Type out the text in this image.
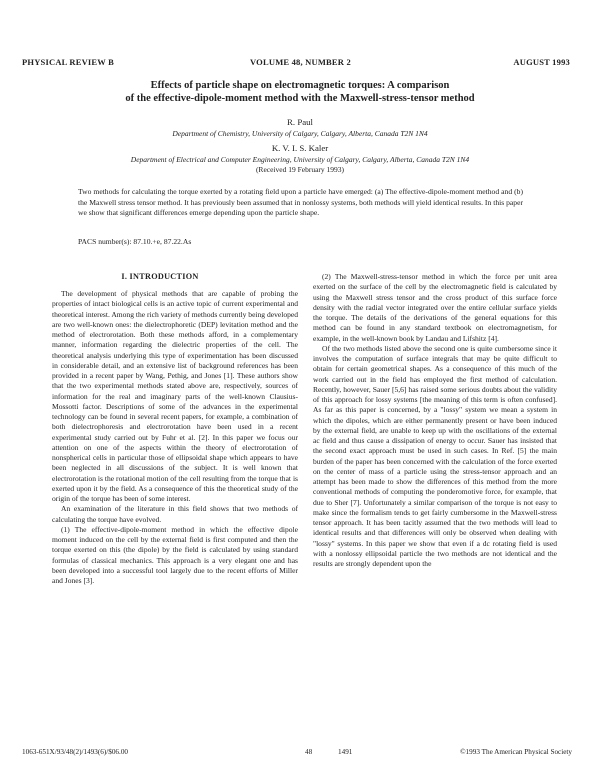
PHYSICAL REVIEW B	VOLUME 48, NUMBER 2	AUGUST 1993
Effects of particle shape on electromagnetic torques: A comparison
of the effective-dipole-moment method with the Maxwell-stress-tensor method
R. Paul
Department of Chemistry, University of Calgary, Calgary, Alberta, Canada T2N 1N4
K. V. I. S. Kaler
Department of Electrical and Computer Engineering, University of Calgary, Calgary, Alberta, Canada T2N 1N4
(Received 19 February 1993)
Two methods for calculating the torque exerted by a rotating field upon a particle have emerged: (a) The effective-dipole-moment method and (b) the Maxwell stress tensor method. It has previously been assumed that in nonlossy systems, both methods will yield identical results. In this paper we show that significant differences emerge depending upon the particle shape.
PACS number(s): 87.10.+e, 87.22.As
I. INTRODUCTION

The development of physical methods that are capable of probing the properties of intact biological cells is an active topic of current experimental and theoretical interest. Among the rich variety of methods currently being developed are two well-known ones: the dielectrophoretic (DEP) levitation method and the method of electrorotation. Both these methods afford, in a complementary manner, information regarding the dielectric properties of the cell. The theoretical analysis underlying this type of experimentation has been discussed in considerable detail, and an extensive list of background references has been provided in a recent paper by Wang, Pethig, and Jones [1]. These authors show that the two experimental methods stated above are, respectively, sources of information for the real and imaginary parts of the well-known Clausius-Mossotti factor. Descriptions of some of the advances in the experimental technology can be found in several recent papers, for example, a combination of both dielectrophoresis and electrorotation have been used in a recent experimental study carried out by Fuhr et al. [2]. In this paper we focus our attention on one of the aspects within the theory of electrorotation of nonspherical cells in particular those of ellipsoidal shape which appears to have been neglected in all discussions of the subject. It is well known that electrorotation is the rotational motion of the cell resulting from the torque that is exerted upon it by the field. As a consequence of this the theoretical study of the origin of the torque has been of some interest.

An examination of the literature in this field shows that two methods of calculating the torque have evolved.

(1) The effective-dipole-moment method in which the effective dipole moment induced on the cell by the external field is first computed and then the torque exerted on this (the dipole) by the field is calculated by using standard formulas of classical mechanics. This approach is a very elegant one and has been developed into a successful tool largely due to the recent efforts of Miller and Jones [3].

(2) The Maxwell-stress-tensor method in which the force per unit area exerted on the surface of the cell by the electromagnetic field is calculated by using the Maxwell stress tensor and the cross product of this surface force density with the radial vector integrated over the entire cellular surface yields the torque. The details of the derivations of the general equations for this method can be found in any standard textbook on electromagnetism, for example, in the well-known book by Landau and Lifshitz [4].

Of the two methods listed above the second one is quite cumbersome since it involves the computation of surface integrals that may be quite difficult to obtain for certain geometrical shapes. As a consequence of this much of the work carried out in the field has employed the first method of calculation. Recently, however, Sauer [5,6] has raised some serious doubts about the validity of this approach for lossy systems [the meaning of this term is often confused]. As far as this paper is concerned, by a "lossy" system we mean a system in which the dipoles, which are either permanently present or have been induced by the external field, are unable to keep up with the oscillations of the external ac field and thus cause a dissipation of energy to occur. Sauer has insisted that the second exact approach must be used in such cases. In Ref. [5] the main burden of the paper has been concerned with the calculation of the force exerted on the center of mass of a particle using the stress-tensor approach and an attempt has been made to show the differences of this method from the more conventional methods of computing the ponderomotive force, for example, that due to Sher [7]. Unfortunately a similar comparison of the torque is not easy to make since the formalism tends to get fairly cumbersome in the Maxwell-stress tensor approach. It has been tacitly assumed that the two methods will lead to identical results and that differences will only be observed when dealing with "lossy" systems. In this paper we show that even if a dc rotating field is used with a nonlossy ellipsoidal particle the two methods are not identical and the results are strongly dependent upon the

1063-651X/93/48(2)/1493(6)/$06.00	48	1491	©1993 The American Physical Society
